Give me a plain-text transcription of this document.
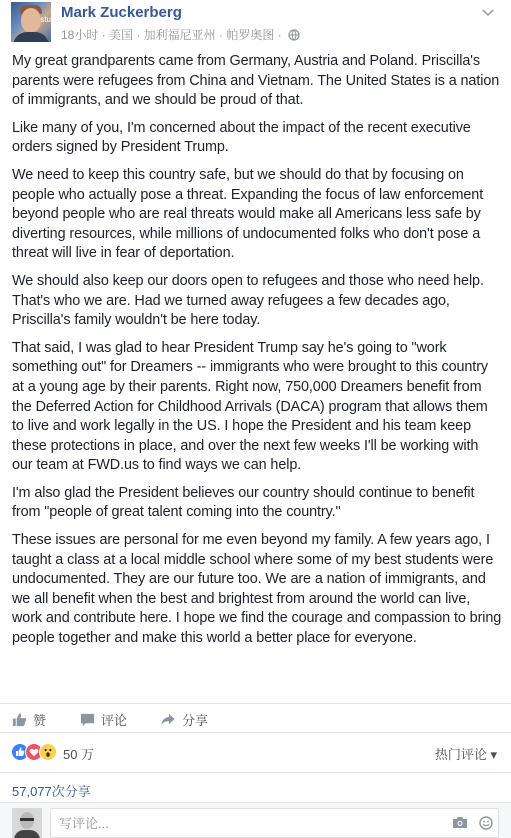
stu Mark Zuckerberg
18小时 · 美国 · 加利福尼亚州 · 帕罗奥图 ·

My great grandparents came from Germany, Austria and Poland. Priscilla's parents were refugees from China and Vietnam. The United States is a nation of immigrants, and we should be proud of that.

Like many of you, I'm concerned about the impact of the recent executive orders signed by President Trump.

We need to keep this country safe, but we should do that by focusing on people who actually pose a threat. Expanding the focus of law enforcement beyond people who are real threats would make all Americans less safe by diverting resources, while millions of undocumented folks who don't pose a threat will live in fear of deportation.

We should also keep our doors open to refugees and those who need help. That's who we are. Had we turned away refugees a few decades ago, Priscilla's family wouldn't be here today.

That said, I was glad to hear President Trump say he's going to "work something out" for Dreamers -- immigrants who were brought to this country at a young age by their parents. Right now, 750,000 Dreamers benefit from the Deferred Action for Childhood Arrivals (DACA) program that allows them to live and work legally in the US. I hope the President and his team keep these protections in place, and over the next few weeks I'll be working with our team at FWD.us to find ways we can help.

I'm also glad the President believes our country should continue to benefit from "people of great talent coming into the country."

These issues are personal for me even beyond my family. A few years ago, I taught a class at a local middle school where some of my best students were undocumented. They are our future too. We are a nation of immigrants, and we all benefit when the best and brightest from around the world can live, work and contribute here. I hope we find the courage and compassion to bring people together and make this world a better place for everyone.

赞	评论	分享
50 万	热门评论 ▾
57,077次分享
写评论...
